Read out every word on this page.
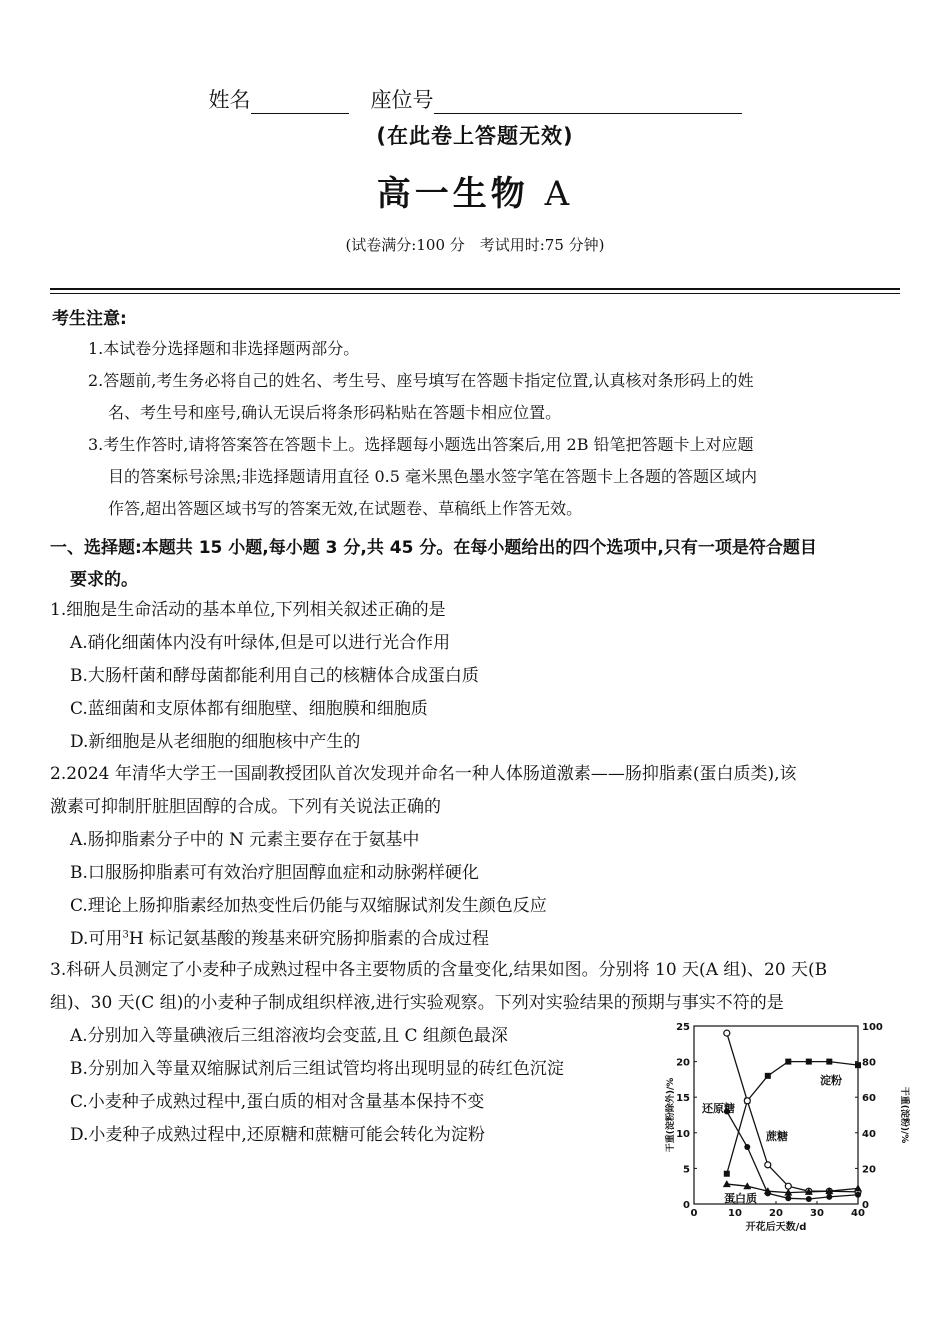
姓名	座位号
(在此卷上答题无效)
高一生物 A
(试卷满分:100 分　考试用时:75 分钟)
考生注意:
1.本试卷分选择题和非选择题两部分。
2.答题前,考生务必将自己的姓名、考生号、座号填写在答题卡指定位置,认真核对条形码上的姓
名、考生号和座号,确认无误后将条形码粘贴在答题卡相应位置。
3.考生作答时,请将答案答在答题卡上。选择题每小题选出答案后,用 2B 铅笔把答题卡上对应题
目的答案标号涂黑;非选择题请用直径 0.5 毫米黑色墨水签字笔在答题卡上各题的答题区域内
作答,超出答题区域书写的答案无效,在试题卷、草稿纸上作答无效。
一、选择题:本题共 15 小题,每小题 3 分,共 45 分。在每小题给出的四个选项中,只有一项是符合题目
要求的。
1.细胞是生命活动的基本单位,下列相关叙述正确的是
A.硝化细菌体内没有叶绿体,但是可以进行光合作用
B.大肠杆菌和酵母菌都能利用自己的核糖体合成蛋白质
C.蓝细菌和支原体都有细胞壁、细胞膜和细胞质
D.新细胞是从老细胞的细胞核中产生的
2.2024 年清华大学王一国副教授团队首次发现并命名一种人体肠道激素——肠抑脂素(蛋白质类),该
激素可抑制肝脏胆固醇的合成。下列有关说法正确的
A.肠抑脂素分子中的 N 元素主要存在于氨基中
B.口服肠抑脂素可有效治疗胆固醇血症和动脉粥样硬化
C.理论上肠抑脂素经加热变性后仍能与双缩脲试剂发生颜色反应
D.可用$^3$H 标记氨基酸的羧基来研究肠抑脂素的合成过程
3.科研人员测定了小麦种子成熟过程中各主要物质的含量变化,结果如图。分别将 10 天(A 组)、20 天(B
组)、30 天(C 组)的小麦种子制成组织样液,进行实验观察。下列对实验结果的预期与事实不符的是
A.分别加入等量碘液后三组溶液均会变蓝,且 C 组颜色最深
B.分别加入等量双缩脲试剂后三组试管均将出现明显的砖红色沉淀
C.小麦种子成熟过程中,蛋白质的相对含量基本保持不变
D.小麦种子成熟过程中,还原糖和蔗糖可能会转化为淀粉
0	10	20	30	40
0
5
10
15
20
25
0
20
40
60
80
100
开花后天数/d
干重(淀粉除外)/%	干重(淀粉)/%
淀粉
蔗糖
还原糖
蛋白质
